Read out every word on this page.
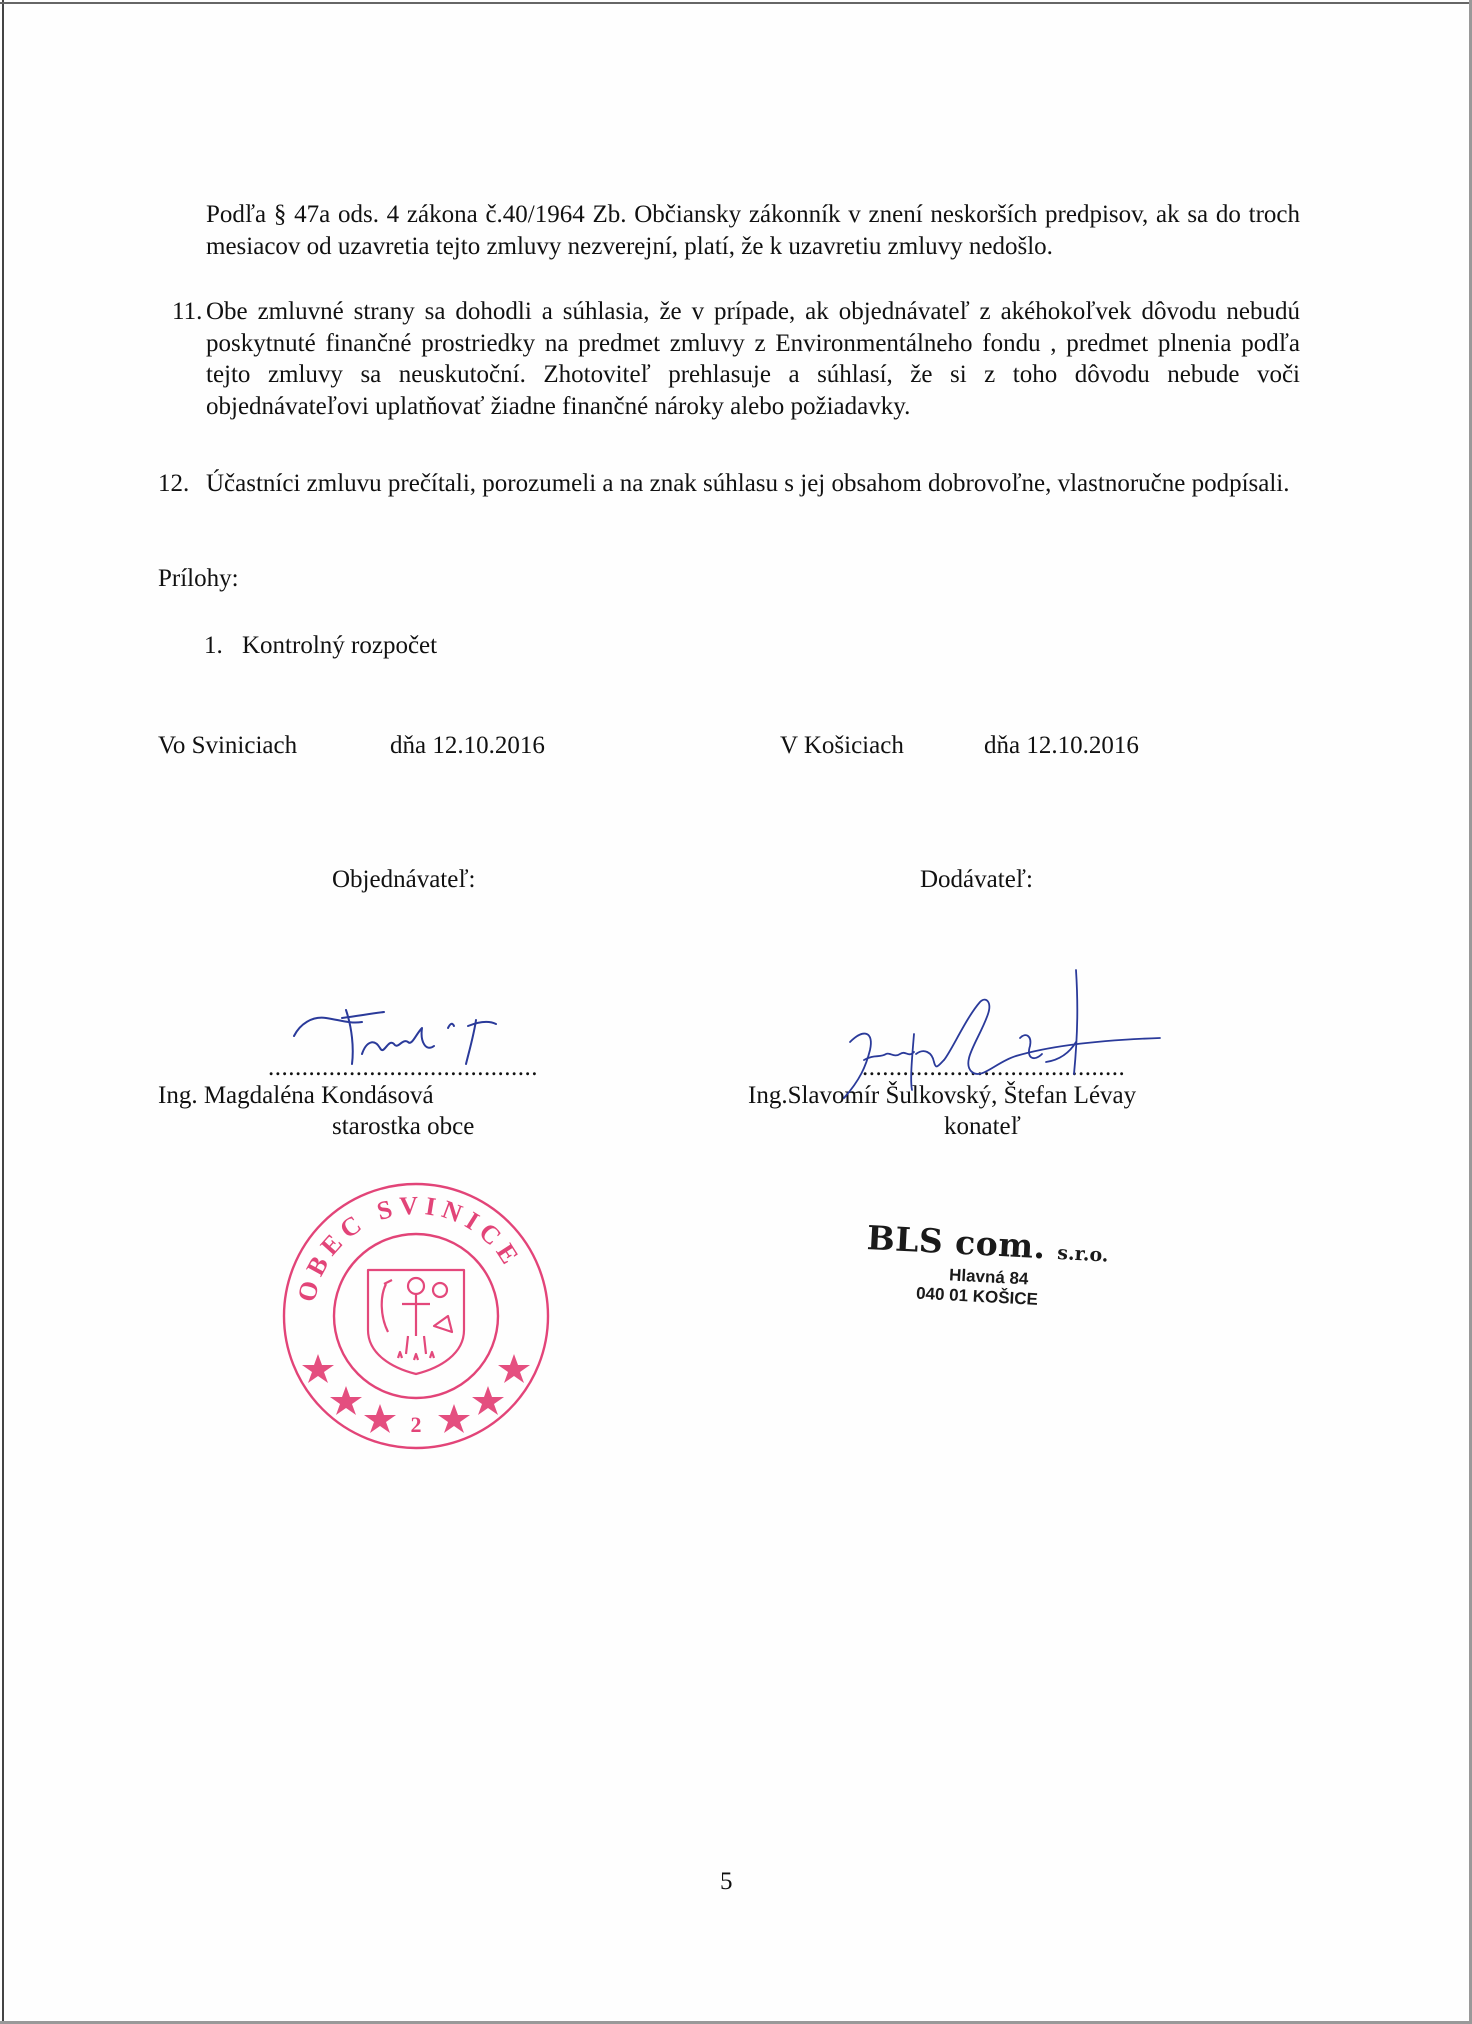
Podľa § 47a ods. 4 zákona č.40/1964 Zb. Občiansky zákonník v znení neskorších predpisov, ak sa do troch mesiacov od uzavretia tejto zmluvy nezverejní, platí, že k uzavretiu zmluvy nedošlo.
11. Obe zmluvné strany sa dohodli a súhlasia, že v prípade, ak objednávateľ z akéhokoľvek dôvodu nebudú poskytnuté finančné prostriedky na predmet zmluvy z Environmentálneho fondu , predmet plnenia podľa tejto zmluvy sa neuskutoční. Zhotoviteľ prehlasuje a súhlasí, že si z toho dôvodu nebude voči objednávateľovi uplatňovať žiadne finančné nároky alebo požiadavky.
12. Účastníci zmluvu prečítali, porozumeli a na znak súhlasu s jej obsahom dobrovoľne, vlastnoručne podpísali.
Prílohy:
1. Kontrolný rozpočet
Vo Sviniciach	dňa 12.10.2016	V Košiciach	dňa 12.10.2016
Objednávateľ:	Dodávateľ:
........................................	.......................................
Ing. Magdaléna Kondásová
starostka obce
Ing.Slavomír Šulkovský, Štefan Lévay
konateľ
OBEC SVINICE
2
BLS com. s.r.o.
Hlavná 84
040 01 KOŠICE
5
